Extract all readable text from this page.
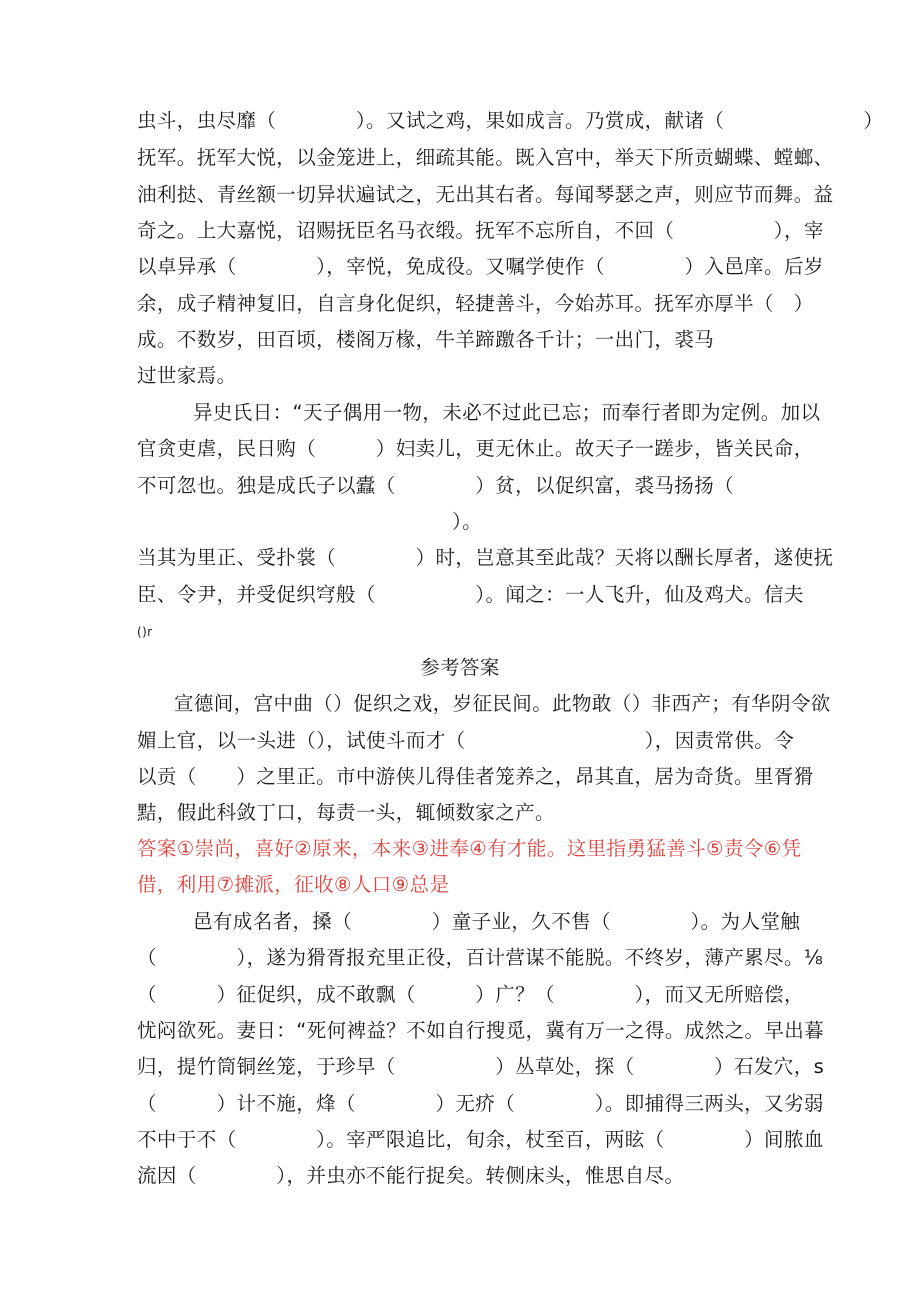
虫斗，虫尽靡（　　　　）。又试之鸡，果如成言。乃赏成，献诸（　　　　　　　）
抚军。抚军大悦，以金笼进上，细疏其能。既入宫中，举天下所贡蝴蝶、螳螂、
油利挞、青丝额一切异状遍试之，无出其右者。每闻琴瑟之声，则应节而舞。益
奇之。上大嘉悦，诏赐抚臣名马衣缎。抚军不忘所自，不回（　　　　　），宰
以卓异承（　　　　），宰悦，免成役。又嘱学使作（　　　　）入邑庠。后岁
余，成子精神复旧，自言身化促织，轻捷善斗，今始苏耳。抚军亦厚半（　）
成。不数岁，田百顷，楼阁万椽，牛羊蹄躈各千计；一出门，裘马
过世家焉。
异史氏日：“天子偶用一物，未必不过此已忘；而奉行者即为定例。加以
官贪吏虐，民日购（　　　）妇卖儿，更无休止。故天子一蹉步，皆关民命，
不可忽也。独是成氏子以蠹（　　　　）贫，以促织富，裘马扬扬（
）。
当其为里正、受扑裳（　　　　）时，岂意其至此哉？天将以酬长厚者，遂使抚
臣、令尹，并受促织穹般（　　　　　）。闻之：一人飞升，仙及鸡犬。信夫
()r
参考答案
宣德间，宫中曲（）促织之戏，岁征民间。此物敢（）非西产；有华阴令欲
媚上官，以一头进（），试使斗而才（　　　　　　　　　），因责常供。令
以贡（　　）之里正。市中游侠儿得佳者笼养之，昂其直，居为奇货。里胥猾
黠，假此科敛丁口，每责一头，辄倾数家之产。
答案①崇尚，喜好②原来，本来③进奉④有才能。这里指勇猛善斗⑤责令⑥凭
借，利用⑦摊派，征收⑧人口⑨总是
邑有成名者，搡（　　　　）童子业，久不售（　　　　）。为人堂触
（　　　　），遂为猾胥报充里正役，百计营谋不能脱。不终岁，薄产累尽。⅛
（　　　）征促织，成不敢飘（　　　）广？（　　　　），而又无所赔偿，
忧闷欲死。妻日：“死何裨益？不如自行搜觅，冀有万一之得。成然之。早出暮
归，提竹筒铜丝笼，于珍早（　　　　　）丛草处，探（　　　　）石发穴，s
（　　　）计不施，烽（　　　　）无疥（　　　　）。即捕得三两头，又劣弱
不中于不（　　　　）。宰严限追比，旬余，杖至百，两眩（　　　　）间脓血
流因（　　　　），并虫亦不能行捉矣。转侧床头，惟思自尽。
